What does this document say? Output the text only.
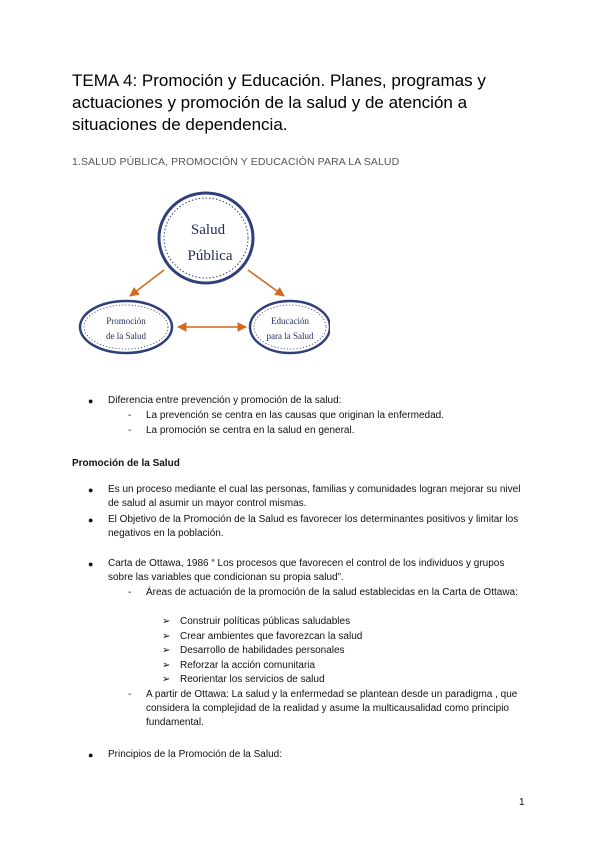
TEMA 4: Promoción y Educación. Planes, programas y actuaciones y promoción de la salud y de atención a situaciones de dependencia.

1.SALUD PÚBLICA, PROMOCIÓN Y EDUCACIÓN PARA LA SALUD

Salud
Pública
Promoción
de la Salud
Educación
para la Salud
● Diferencia entre prevención y promoción de la salud:
- La prevención se centra en las causas que originan la enfermedad.
- La promoción se centra en la salud en general.

Promoción de la Salud

● Es un proceso mediante el cual las personas, familias y comunidades logran mejorar su nivel de salud al asumir un mayor control mismas.
● El Objetivo de la Promoción de la Salud es favorecer los determinantes positivos y limitar los negativos en la población.
● Carta de Ottawa, 1986 “ Los procesos que favorecen el control de los individuos y grupos sobre las variables que condicionan su propia salud”.
- Áreas de actuación de la promoción de la salud establecidas en la Carta de Ottawa:
➢ Construir políticas públicas saludables
➢ Crear ambientes que favorezcan la salud
➢ Desarrollo de habilidades personales
➢ Reforzar la acción comunitaria
➢ Reorientar los servicios de salud
- A partir de Ottawa: La salud y la enfermedad se plantean desde un paradigma , que considera la complejidad de la realidad y asume la multicausalidad como principio fundamental.
● Principios de la Promoción de la Salud:
1
